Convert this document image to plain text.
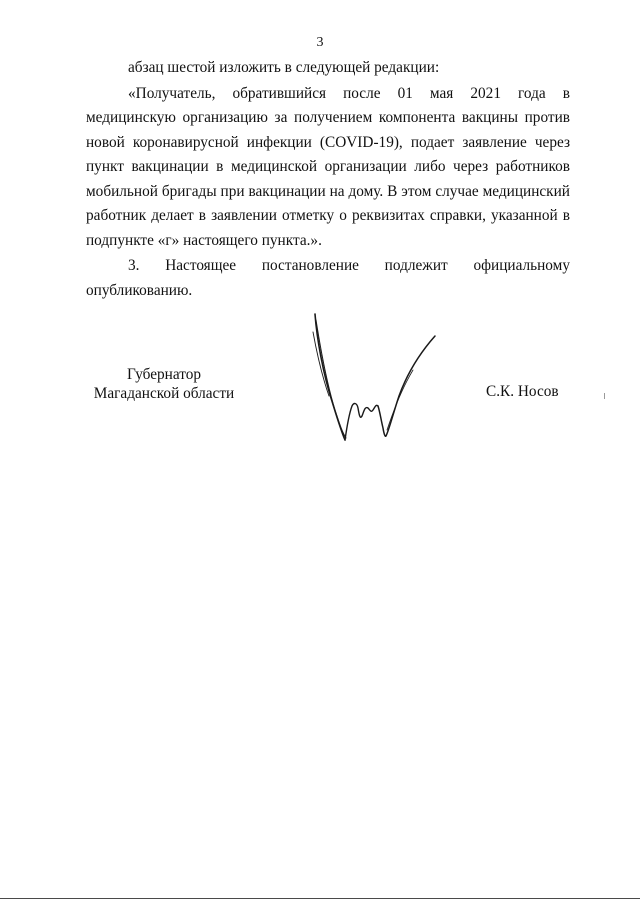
3

абзац шестой изложить в следующей редакции:

«Получатель, обратившийся после 01 мая 2021 года в медицинскую организацию за получением компонента вакцины против новой коронавирусной инфекции (COVID-19), подает заявление через пункт вакцинации в медицинской организации либо через работников мобильной бригады при вакцинации на дому. В этом случае медицинский работник делает в заявлении отметку о реквизитах справки, указанной в подпункте «г» настоящего пункта.».

3. Настоящее постановление подлежит официальному опубликованию.

Губернатор
Магаданской области	С.К. Носов
